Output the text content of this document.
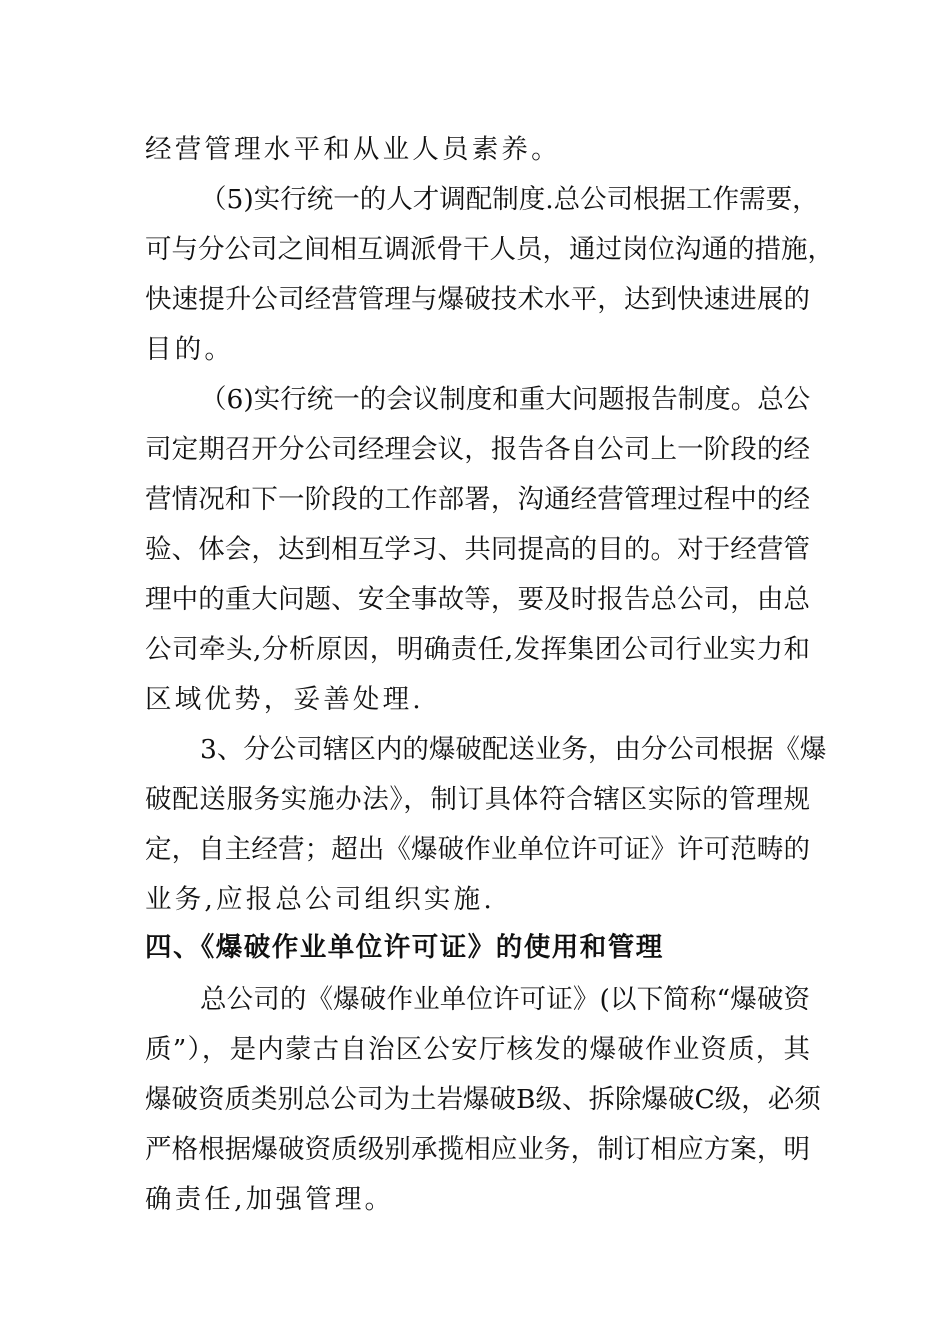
经营管理水平和从业人员素养。
（5)实行统一的人才调配制度.总公司根据工作需要，
可与分公司之间相互调派骨干人员，通过岗位沟通的措施，
快速提升公司经营管理与爆破技术水平，达到快速进展的
目的。
（6)实行统一的会议制度和重大问题报告制度。总公
司定期召开分公司经理会议，报告各自公司上一阶段的经
营情况和下一阶段的工作部署，沟通经营管理过程中的经
验、体会，达到相互学习、共同提高的目的。对于经营管
理中的重大问题、安全事故等，要及时报告总公司，由总
公司牵头,分析原因，明确责任,发挥集团公司行业实力和
区域优势，妥善处理.
3、分公司辖区内的爆破配送业务，由分公司根据《爆
破配送服务实施办法》，制订具体符合辖区实际的管理规
定，自主经营；超出《爆破作业单位许可证》许可范畴的
业务,应报总公司组织实施.
四、《爆破作业单位许可证》的使用和管理
总公司的《爆破作业单位许可证》(以下简称“爆破资
质”），是内蒙古自治区公安厅核发的爆破作业资质，其
爆破资质类别总公司为土岩爆破B级、拆除爆破C级，必须
严格根据爆破资质级别承揽相应业务，制订相应方案，明
确责任,加强管理。
